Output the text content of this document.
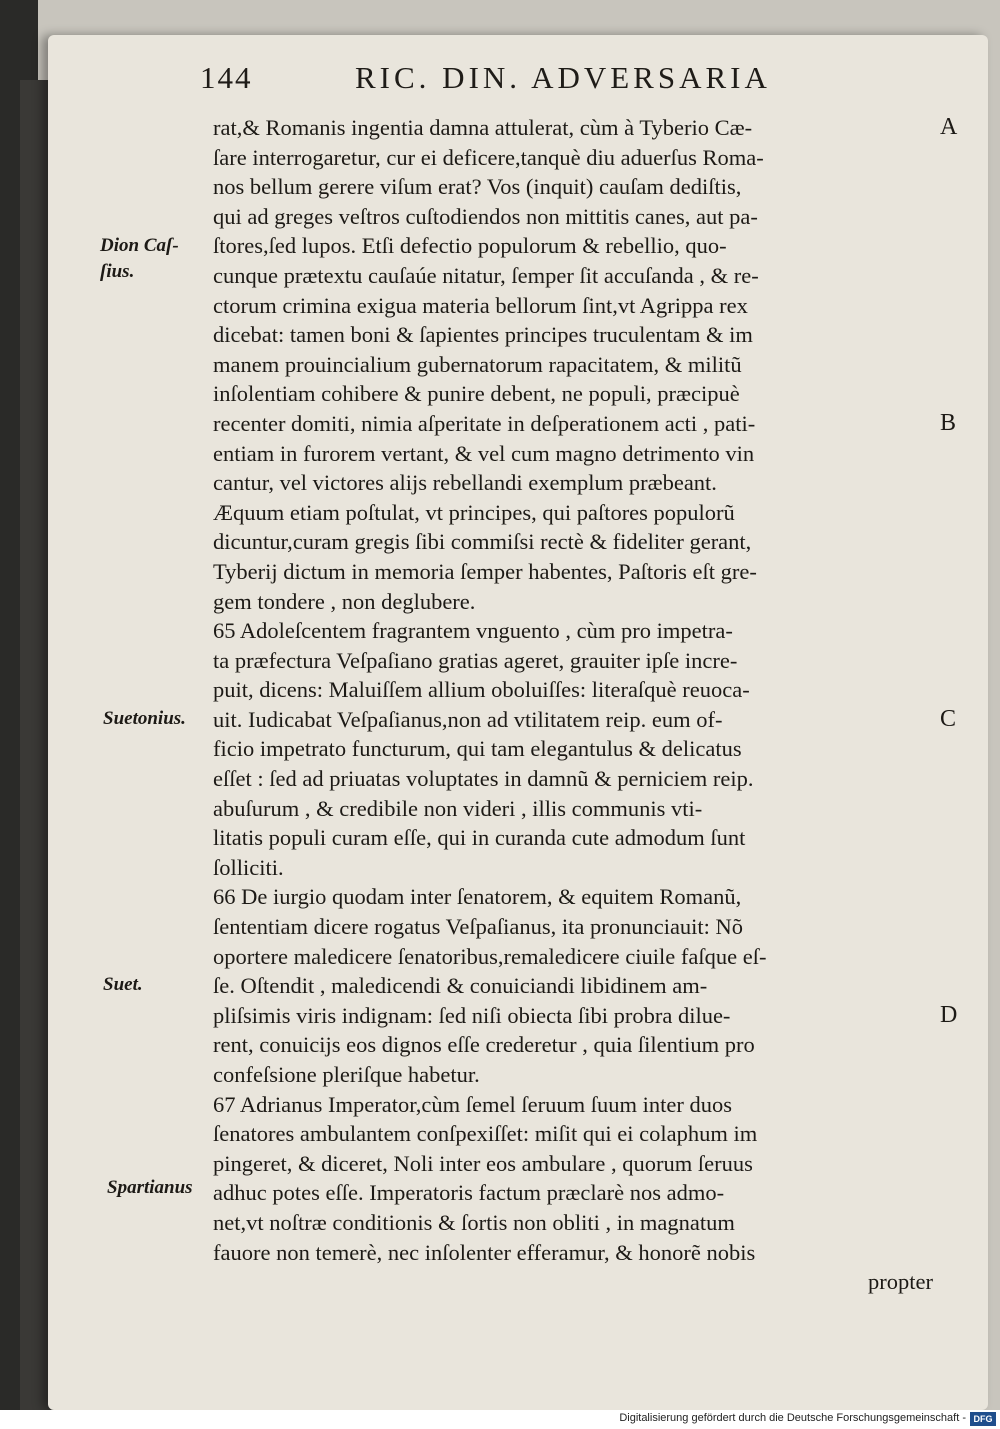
144	RIC. DIN. ADVERSARIA
rat,& Romanis ingentia damna attulerat, cùm à Tyberio Cæ-
ſare interrogaretur, cur ei deficere,tanquè diu aduerſus Roma-
nos bellum gerere viſum erat? Vos (inquit) cauſam dediſtis,
qui ad greges veſtros cuſtodiendos non mittitis canes, aut pa-
ſtores,ſed lupos. Etſi defectio populorum & rebellio, quo-
cunque prætextu cauſaúe nitatur, ſemper ſit accuſanda , & re-
ctorum crimina exigua materia bellorum ſint,vt Agrippa rex
dicebat: tamen boni & ſapientes principes truculentam & im
manem prouincialium gubernatorum rapacitatem, & militũ
inſolentiam cohibere & punire debent, ne populi, præcipuè
recenter domiti, nimia aſperitate in deſperationem acti , pati-
entiam in furorem vertant, & vel cum magno detrimento vin
cantur, vel victores alijs rebellandi exemplum præbeant.
Æquum etiam poſtulat, vt principes, qui paſtores populorũ
dicuntur,curam gregis ſibi commiſsi rectè & fideliter gerant,
Tyberij dictum in memoria ſemper habentes, Paſtoris eſt gre-
gem tondere , non deglubere.
65 Adoleſcentem fragrantem vnguento , cùm pro impetra-
ta præfectura Veſpaſiano gratias ageret, grauiter ipſe incre-
puit, dicens: Maluiſſem allium oboluiſſes: literaſquè reuoca-
uit. Iudicabat Veſpaſianus,non ad vtilitatem reip. eum of-
ficio impetrato functurum, qui tam elegantulus & delicatus
eſſet : ſed ad priuatas voluptates in damnũ & perniciem reip.
abuſurum , & credibile non videri , illis communis vti-
litatis populi curam eſſe, qui in curanda cute admodum ſunt
ſolliciti.
66 De iurgio quodam inter ſenatorem, & equitem Romanũ,
ſententiam dicere rogatus Veſpaſianus, ita pronunciauit: Nõ
oportere maledicere ſenatoribus,remaledicere ciuile faſque eſ-
ſe. Oſtendit , maledicendi & conuiciandi libidinem am-
pliſsimis viris indignam: ſed niſi obiecta ſibi probra dilue-
rent, conuicijs eos dignos eſſe crederetur , quia ſilentium pro
confeſsione pleriſque habetur.
67 Adrianus Imperator,cùm ſemel ſeruum ſuum inter duos
ſenatores ambulantem conſpexiſſet: miſit qui ei colaphum im
pingeret, & diceret, Noli inter eos ambulare , quorum ſeruus
adhuc potes eſſe. Imperatoris factum præclarè nos admo-
net,vt noſtræ conditionis & ſortis non obliti , in magnatum
fauore non temerè, nec inſolenter efferamur, & honorẽ nobis
propter
Dion Caſ-
ſius.
Suetonius.
Suet.
Spartianus
A
B
C
D
Digitalisierung gefördert durch die Deutsche Forschungsgemeinschaft - DFG
